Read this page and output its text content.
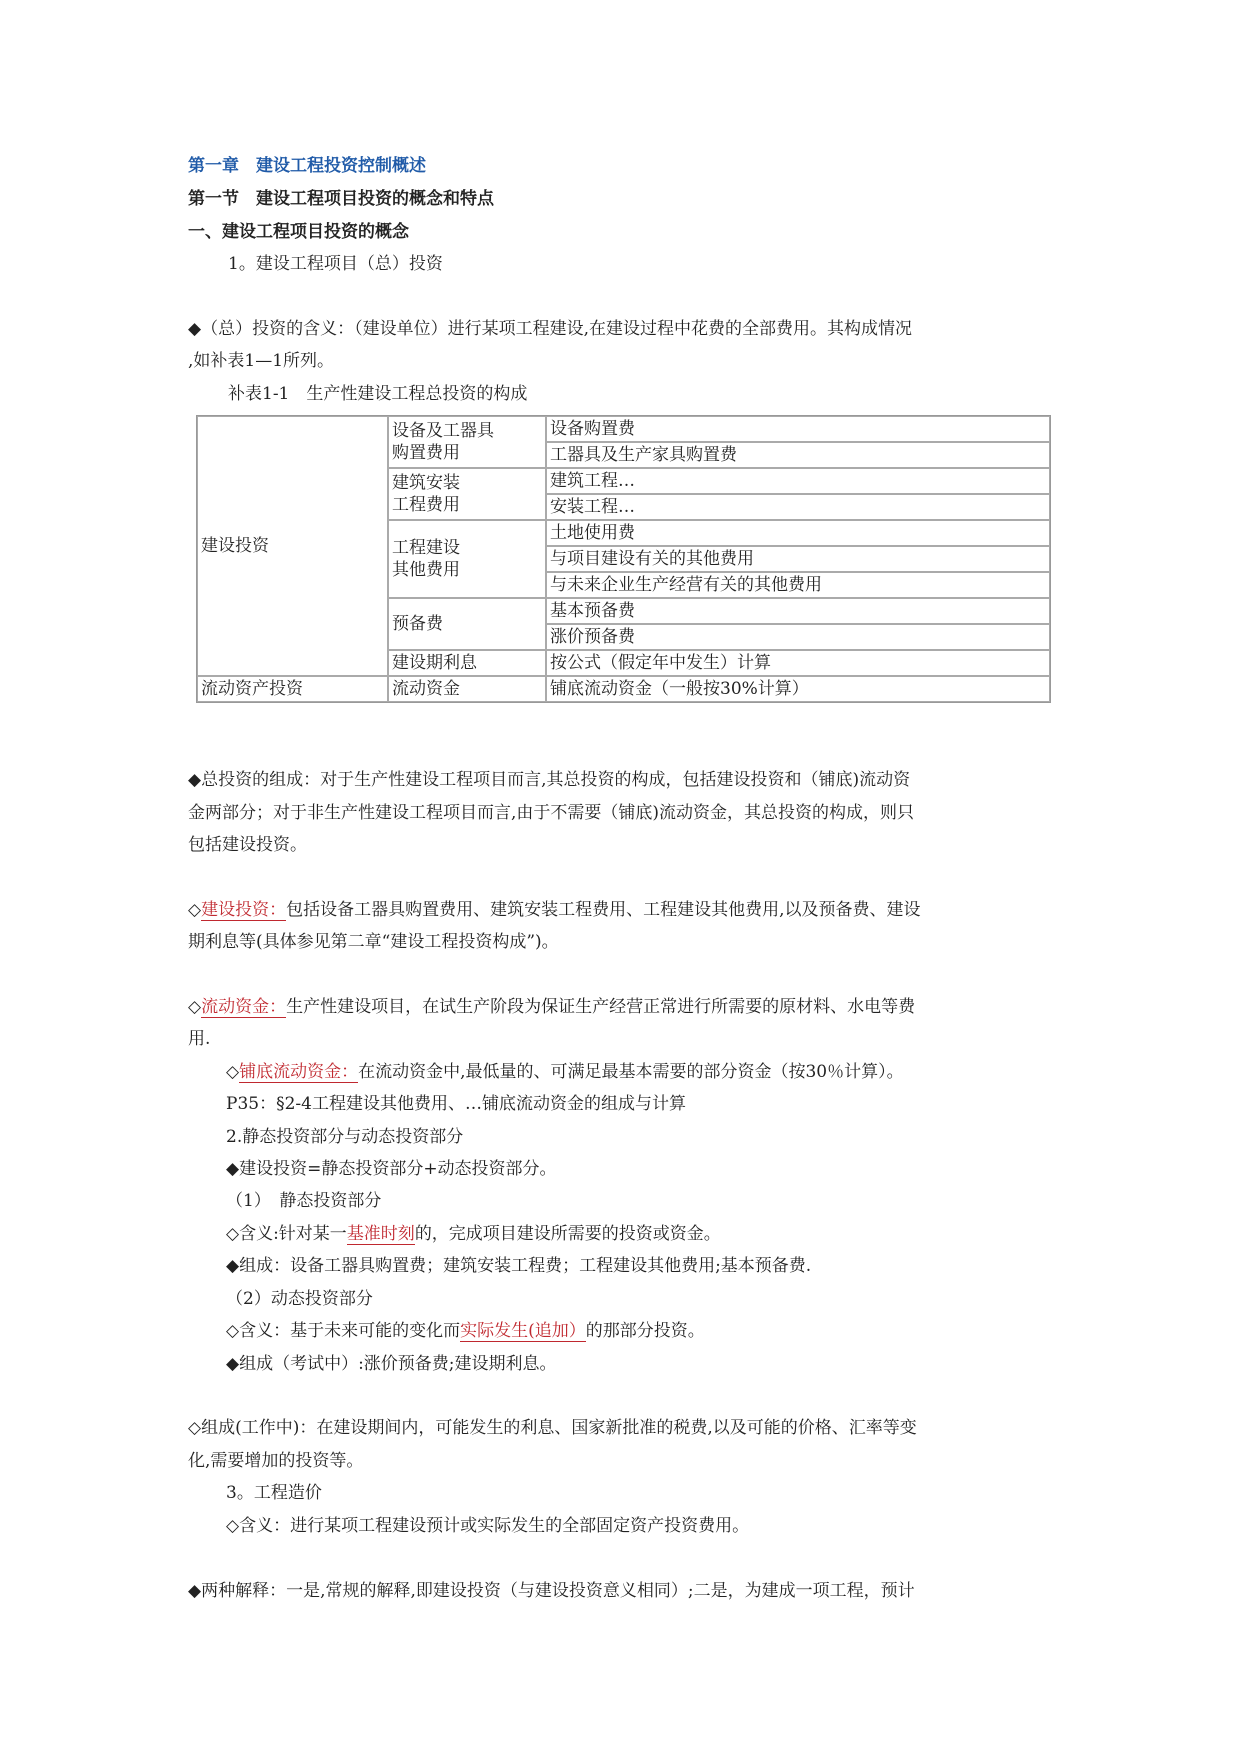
第一章　建设工程投资控制概述
第一节　建设工程项目投资的概念和特点
一、建设工程项目投资的概念
1。建设工程项目（总）投资
◆（总）投资的含义：（建设单位）进行某项工程建设,在建设过程中花费的全部费用。其构成情况
,如补表1—1所列。
补表1-1　生产性建设工程总投资的构成
建设投资	设备及工器具购置费用	设备购置费
		工器具及生产家具购置费
	建筑安装工程费用	建筑工程…
		安装工程…
	工程建设其他费用	土地使用费
		与项目建设有关的其他费用
		与未来企业生产经营有关的其他费用
	预备费	基本预备费
		涨价预备费
	建设期利息	按公式（假定年中发生）计算
流动资产投资	流动资金	铺底流动资金（一般按30%计算）
◆总投资的组成：对于生产性建设工程项目而言,其总投资的构成，包括建设投资和（铺底)流动资
金两部分；对于非生产性建设工程项目而言,由于不需要（铺底)流动资金，其总投资的构成，则只
包括建设投资。
◇建设投资：包括设备工器具购置费用、建筑安装工程费用、工程建设其他费用,以及预备费、建设
期利息等(具体参见第二章“建设工程投资构成”)。
◇流动资金：生产性建设项目，在试生产阶段为保证生产经营正常进行所需要的原材料、水电等费
用.
◇铺底流动资金：在流动资金中,最低量的、可满足最基本需要的部分资金（按30％计算）。
P35：§2-4工程建设其他费用、…铺底流动资金的组成与计算
2.静态投资部分与动态投资部分
◆建设投资=静态投资部分+动态投资部分。
（1）　静态投资部分
◇含义:针对某一基准时刻的，完成项目建设所需要的投资或资金。
◆组成：设备工器具购置费；建筑安装工程费；工程建设其他费用;基本预备费.
（2）动态投资部分
◇含义：基于未来可能的变化而实际发生(追加）的那部分投资。
◆组成（考试中）:涨价预备费;建设期利息。
◇组成(工作中)：在建设期间内，可能发生的利息、国家新批准的税费,以及可能的价格、汇率等变
化,需要增加的投资等。
3。工程造价
◇含义：进行某项工程建设预计或实际发生的全部固定资产投资费用。
◆两种解释：一是,常规的解释,即建设投资（与建设投资意义相同）;二是，为建成一项工程，预计
